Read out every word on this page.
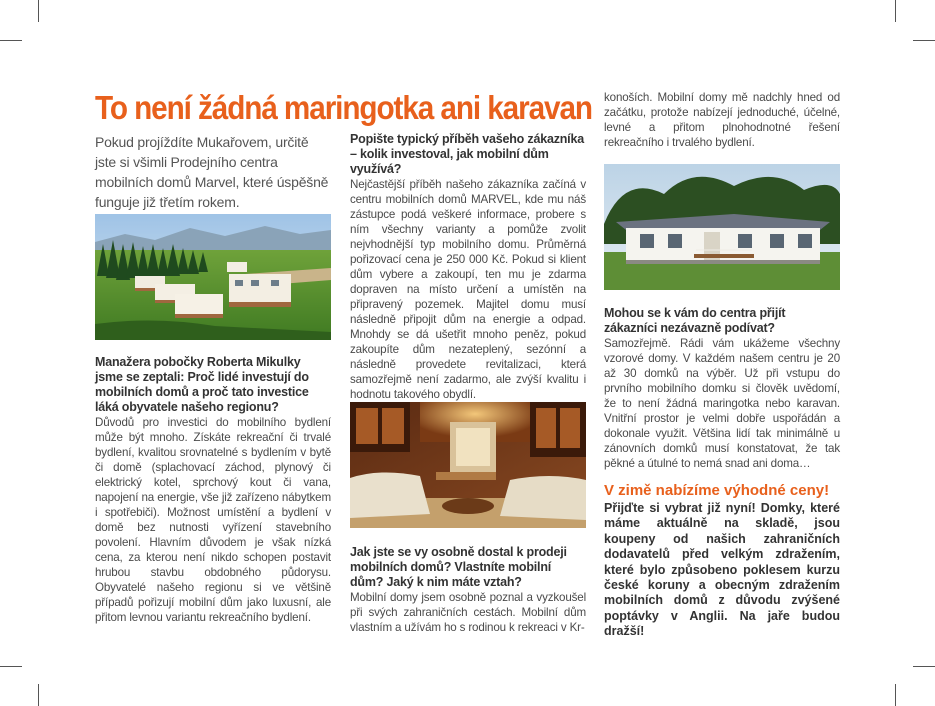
To není žádná maringotka ani karavan

Pokud projíždíte Mukařovem, určitě jste si všimli Prodejního centra mobilních domů Marvel, které úspěšně funguje již třetím rokem.

Manažera pobočky Roberta Mikulky jsme se zeptali: Proč lidé investují do mobilních domů a proč tato investice láká obyvatele našeho regionu?

Důvodů pro investici do mobilního bydlení může být mnoho. Získáte rekreační či trvalé bydlení, kvalitou srovnatelné s bydlením v bytě či domě (splachovací záchod, plynový či elektrický kotel, sprchový kout či vana, napojení na energie, vše již zařízeno nábytkem i spotřebiči). Možnost umístění a bydlení v domě bez nutnosti vyřízení stavebního povolení. Hlavním důvodem je však nízká cena, za kterou není nikdo schopen postavit hrubou stavbu obdobného půdorysu. Obyvatelé našeho regionu si ve většině případů pořizují mobilní dům jako luxusní, ale přitom levnou variantu rekreačního bydlení.

Popište typický příběh vašeho zákazníka – kolik investoval, jak mobilní dům využívá?

Nejčastější příběh našeho zákazníka začíná v centru mobilních domů MARVEL, kde mu náš zástupce podá veškeré informace, probere s ním všechny varianty a pomůže zvolit nejvhodnější typ mobilního domu. Průměrná pořizovací cena je 250 000 Kč. Pokud si klient dům vybere a zakoupí, ten mu je zdarma dopraven na místo určení a umístěn na připravený pozemek. Majitel domu musí následně připojit dům na energie a odpad. Mnohdy se dá ušetřit mnoho peněz, pokud zakoupíte dům nezateplený, sezónní a následně provedete revitalizaci, která samozřejmě není zadarmo, ale zvýší kvalitu i hodnotu takového obydlí.

Jak jste se vy osobně dostal k prodeji mobilních domů? Vlastníte mobilní dům? Jaký k nim máte vztah?

Mobilní domy jsem osobně poznal a vyzkoušel při svých zahraničních cestách. Mobilní dům vlastním a užívám ho s rodinou k rekreaci v Kr-

konoších. Mobilní domy mě nadchly hned od začátku, protože nabízejí jednoduché, účelné, levné a přitom plnohodnotné řešení rekreačního i trvalého bydlení.

Mohou se k vám do centra přijít zákazníci nezávazně podívat?

Samozřejmě. Rádi vám ukážeme všechny vzorové domy. V každém našem centru je 20 až 30 domků na výběr. Už při vstupu do prvního mobilního domku si člověk uvědomí, že to není žádná maringotka nebo karavan. Vnitřní prostor je velmi dobře uspořádán a dokonale využit. Většina lidí tak minimálně u zánovních domků musí konstatovat, že tak pěkné a útulné to nemá snad ani doma…

V zimě nabízíme výhodné ceny!

Přijďte si vybrat již nyní! Domky, které máme aktuálně na skladě, jsou koupeny od našich zahraničních dodavatelů před velkým zdražením, které bylo způsobeno poklesem kurzu české koruny a obecným zdražením mobilních domů z důvodu zvýšené poptávky v Anglii. Na jaře budou dražší!
